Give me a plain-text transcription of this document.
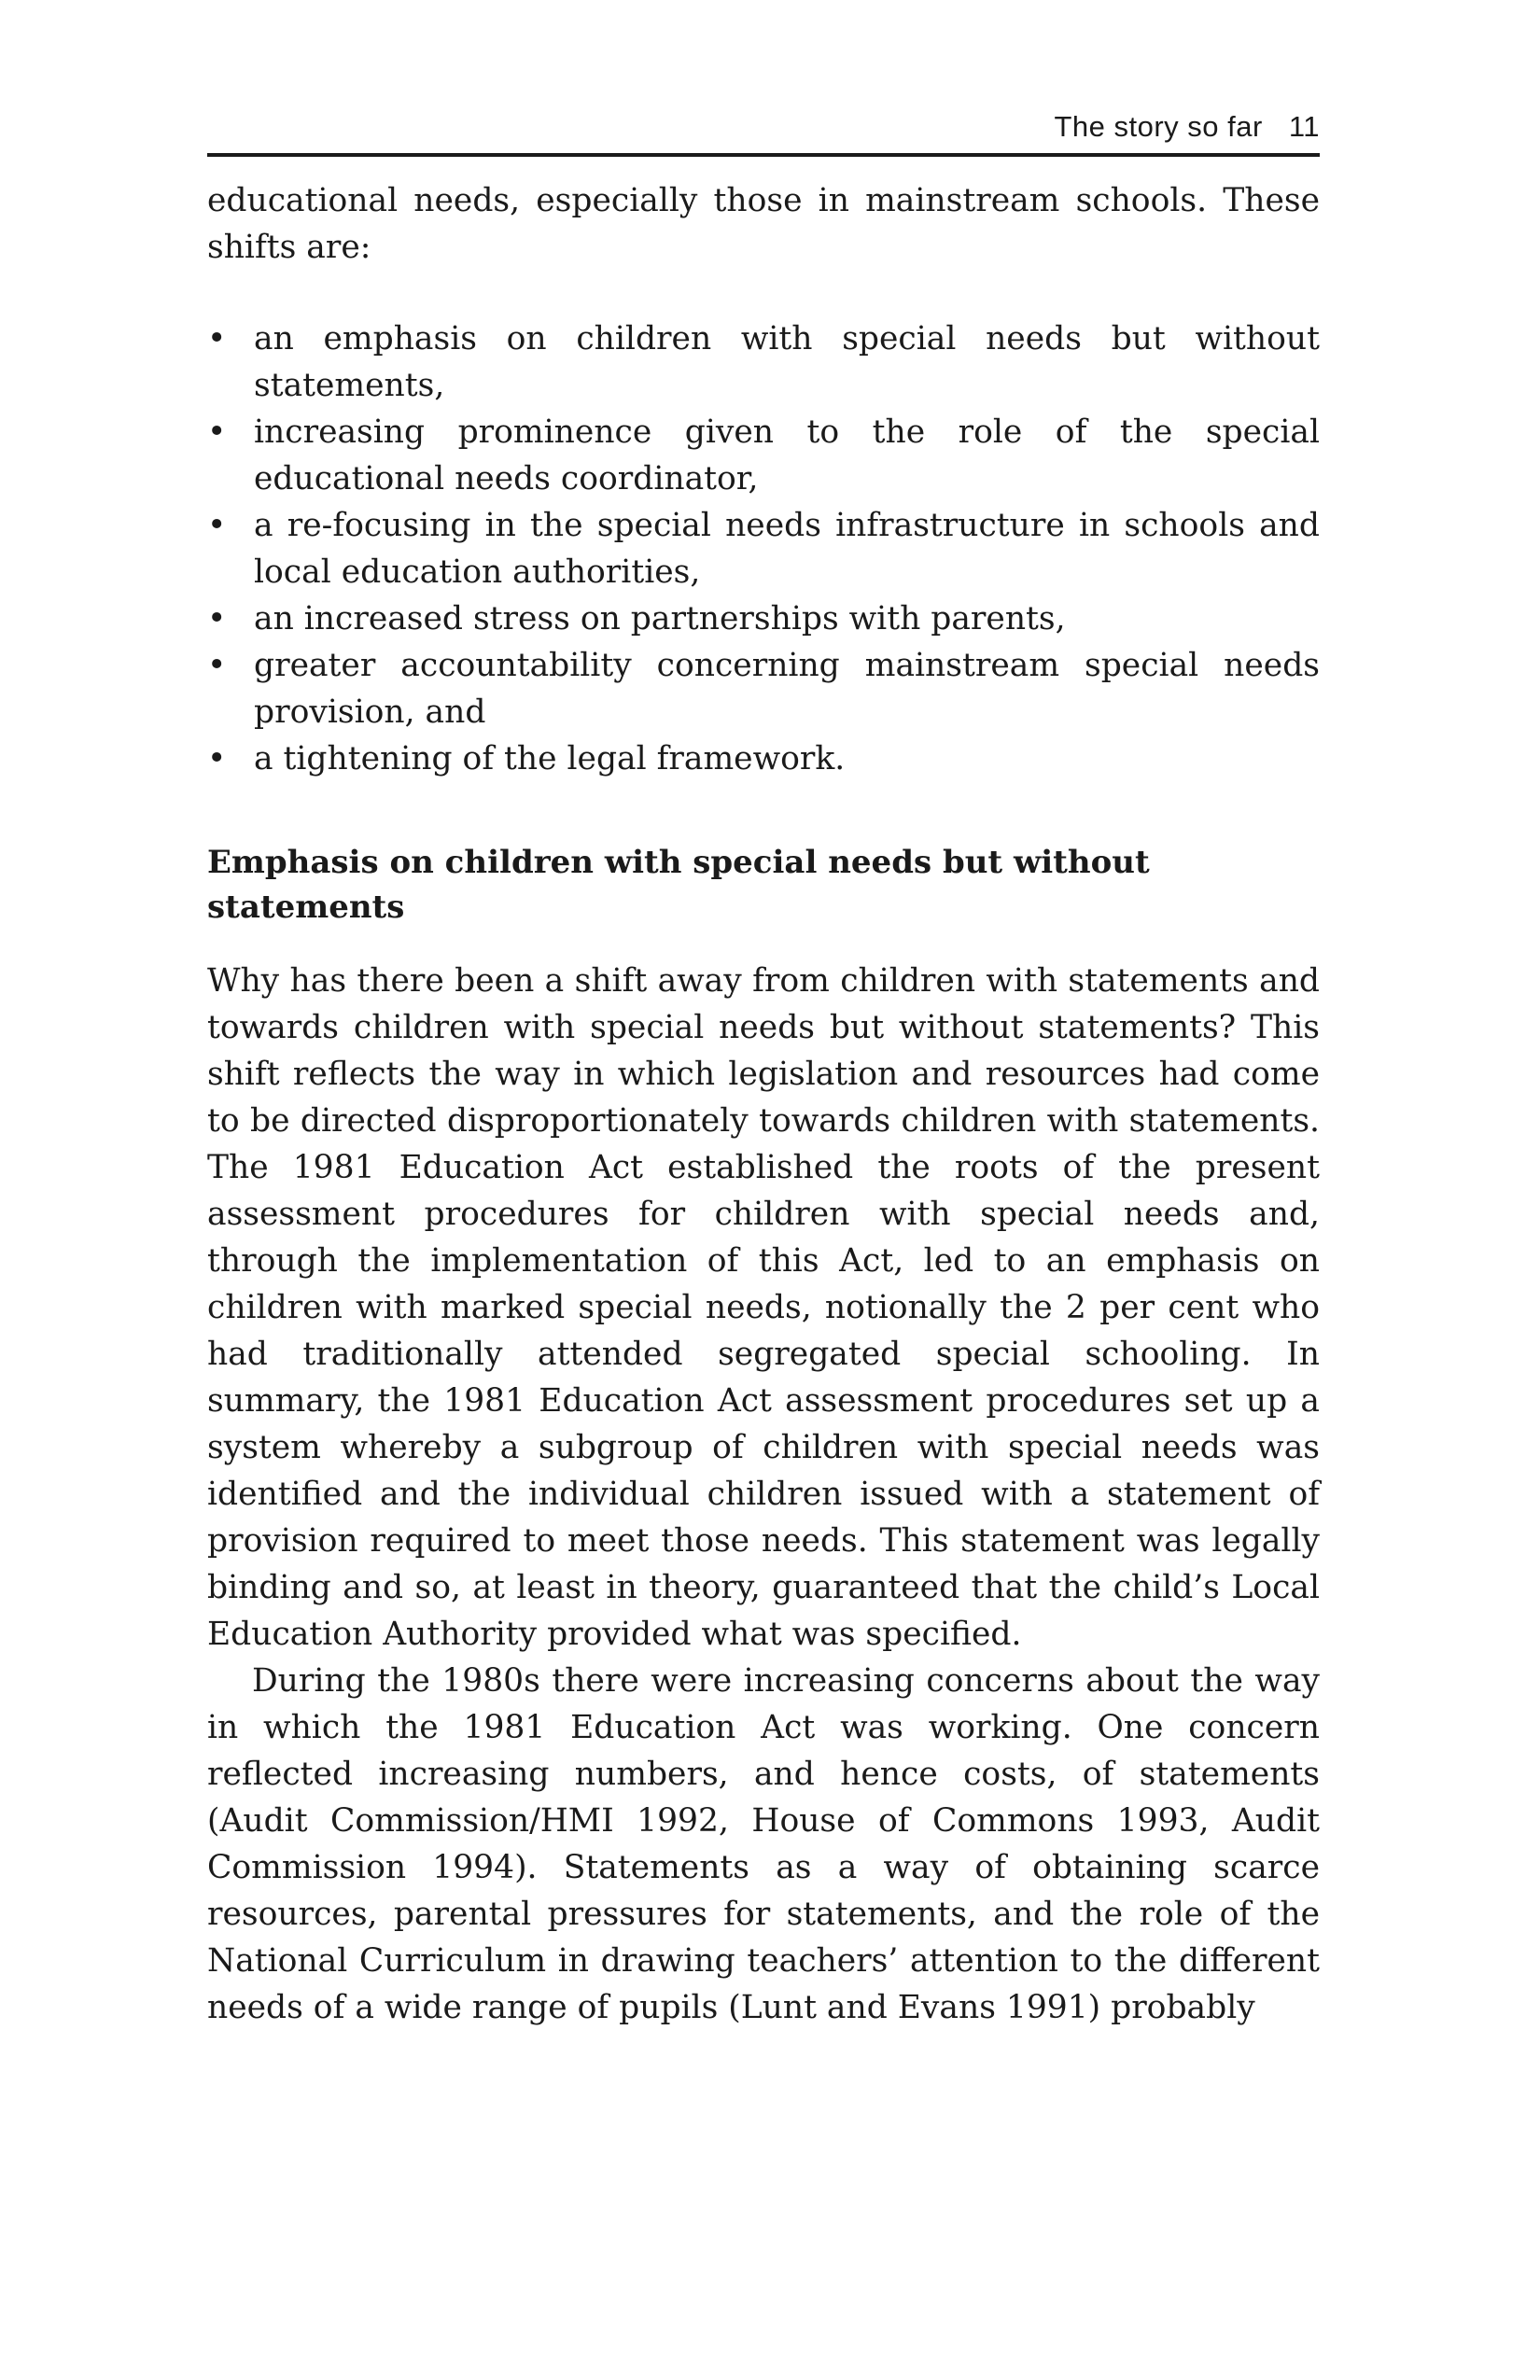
The story so far 11

educational needs, especially those in mainstream schools. These shifts are:

• an emphasis on children with special needs but without statements,
• increasing prominence given to the role of the special educational needs coordinator,
• a re-focusing in the special needs infrastructure in schools and local education authorities,
• an increased stress on partnerships with parents,
• greater accountability concerning mainstream special needs provision, and
• a tightening of the legal framework.
Emphasis on children with special needs but without statements

Why has there been a shift away from children with statements and towards children with special needs but without statements? This shift reflects the way in which legislation and resources had come to be directed disproportionately towards children with statements. The 1981 Education Act established the roots of the present assessment procedures for children with special needs and, through the implementation of this Act, led to an emphasis on children with marked special needs, notionally the 2 per cent who had traditionally attended segregated special schooling. In summary, the 1981 Education Act assessment procedures set up a system whereby a subgroup of children with special needs was identified and the individual children issued with a statement of provision required to meet those needs. This statement was legally binding and so, at least in theory, guaranteed that the child’s Local Education Authority provided what was specified.

During the 1980s there were increasing concerns about the way in which the 1981 Education Act was working. One concern reflected increasing numbers, and hence costs, of statements (Audit Commission/HMI 1992, House of Commons 1993, Audit Commission 1994). Statements as a way of obtaining scarce resources, parental pressures for statements, and the role of the National Curriculum in drawing teachers’ attention to the different needs of a wide range of pupils (Lunt and Evans 1991) probably
